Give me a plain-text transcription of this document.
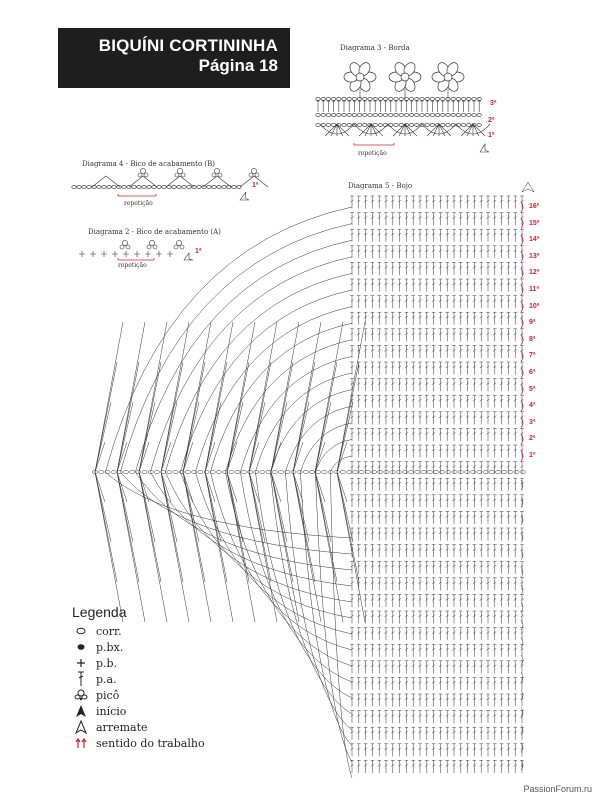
BIQUÍNI CORTININHA
Página 18
Diagrama 3 - Borda
Diagrama 4 - Bico de acabamento (B)
Diagrama 2 - Bico de acabamento (A)
Diagrama 5 - Bojo
repetição
repetição
repetição
3ª
2ª
1ª
1ª
1ª
16ª
15ª
14ª
13ª
12ª
11ª
10ª
9ª
8ª
7ª
6ª
5ª
4ª
3ª
2ª
1ª
Legenda
corr.
p.bx.
p.b.
p.a.
picô
início
arremate
sentido do trabalho
PassionForum.ru
